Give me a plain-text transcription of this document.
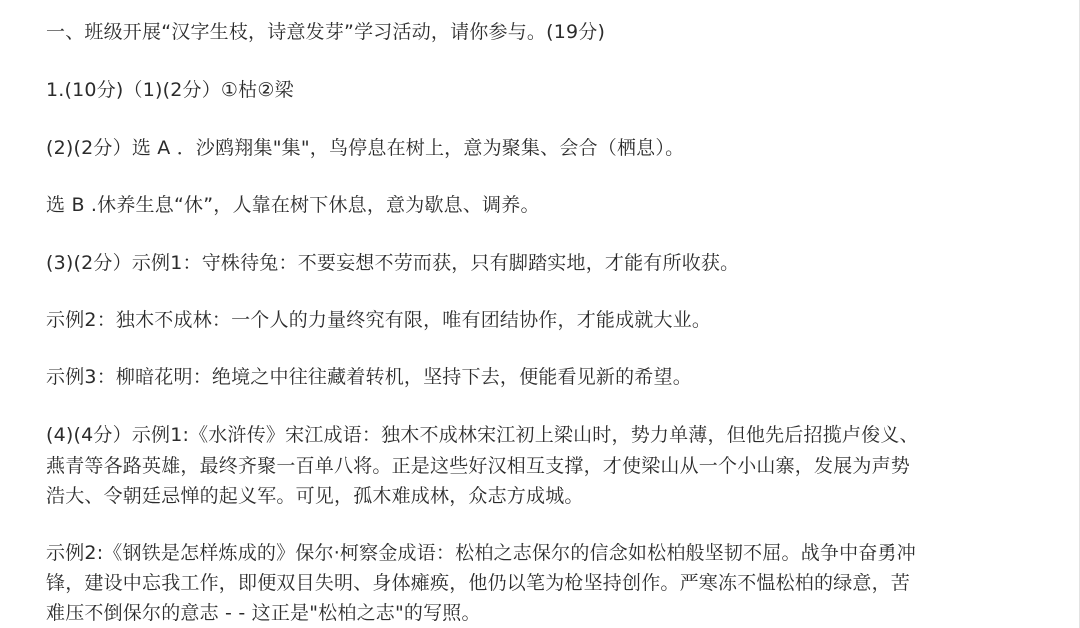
一、班级开展“汉字生枝，诗意发芽”学习活动，请你参与。(19分)
1.(10分)（1)(2分）①枯②梁
(2)(2分）选 A ．沙鸥翔集"集"，鸟停息在树上，意为聚集、会合（栖息）。
选 B .休养生息“休”，人靠在树下休息，意为歇息、调养。
(3)(2分）示例1：守株待兔：不要妄想不劳而获，只有脚踏实地，才能有所收获。
示例2：独木不成林：一个人的力量终究有限，唯有团结协作，才能成就大业。
示例3：柳暗花明：绝境之中往往藏着转机，坚持下去，便能看见新的希望。
(4)(4分）示例1:《水浒传》宋江成语：独木不成林宋江初上梁山时，势力单薄，但他先后招揽卢俊义、
燕青等各路英雄，最终齐聚一百单八将。正是这些好汉相互支撑，才使梁山从一个小山寨，发展为声势
浩大、令朝廷忌惮的起义军。可见，孤木难成林，众志方成城。
示例2:《钢铁是怎样炼成的》保尔·柯察金成语：松柏之志保尔的信念如松柏般坚韧不屈。战争中奋勇冲
锋，建设中忘我工作，即便双目失明、身体瘫痪，他仍以笔为枪坚持创作。严寒冻不愠松柏的绿意，苦
难压不倒保尔的意志 - - 这正是"松柏之志"的写照。
